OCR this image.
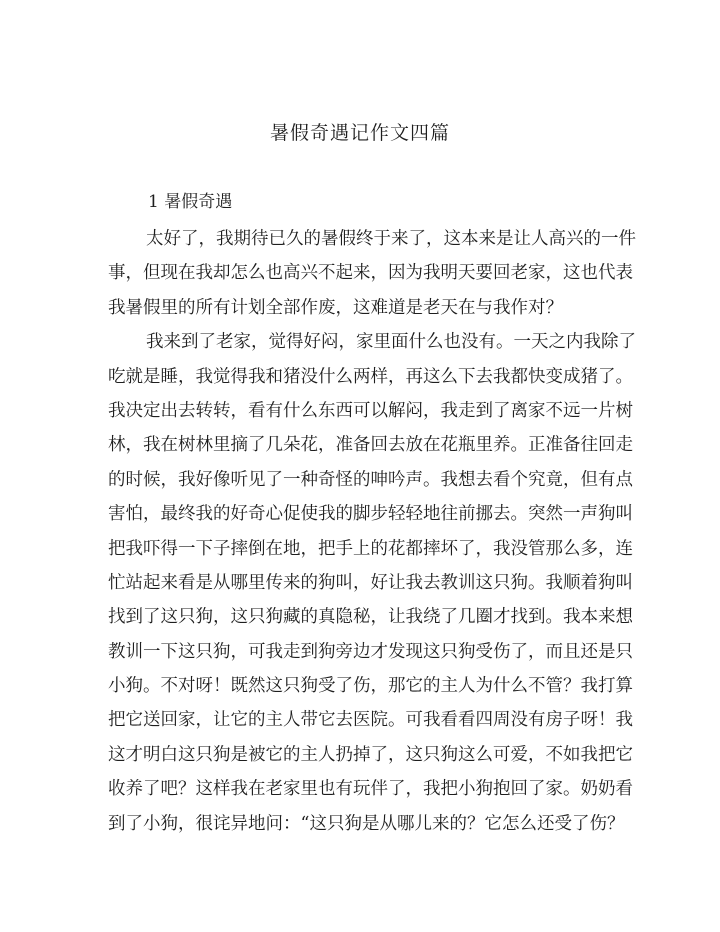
暑假奇遇记作文四篇
1 暑假奇遇
太好了，我期待已久的暑假终于来了，这本来是让人高兴的一件
事，但现在我却怎么也高兴不起来，因为我明天要回老家，这也代表
我暑假里的所有计划全部作废，这难道是老天在与我作对？
我来到了老家，觉得好闷，家里面什么也没有。一天之内我除了
吃就是睡，我觉得我和猪没什么两样，再这么下去我都快变成猪了。
我决定出去转转，看有什么东西可以解闷，我走到了离家不远一片树
林，我在树林里摘了几朵花，准备回去放在花瓶里养。正准备往回走
的时候，我好像听见了一种奇怪的呻吟声。我想去看个究竟，但有点
害怕，最终我的好奇心促使我的脚步轻轻地往前挪去。突然一声狗叫
把我吓得一下子摔倒在地，把手上的花都摔坏了，我没管那么多，连
忙站起来看是从哪里传来的狗叫，好让我去教训这只狗。我顺着狗叫
找到了这只狗，这只狗藏的真隐秘，让我绕了几圈才找到。我本来想
教训一下这只狗，可我走到狗旁边才发现这只狗受伤了，而且还是只
小狗。不对呀！既然这只狗受了伤，那它的主人为什么不管？我打算
把它送回家，让它的主人带它去医院。可我看看四周没有房子呀！我
这才明白这只狗是被它的主人扔掉了，这只狗这么可爱，不如我把它
收养了吧？这样我在老家里也有玩伴了，我把小狗抱回了家。奶奶看
到了小狗，很诧异地问：“这只狗是从哪儿来的？它怎么还受了伤？
